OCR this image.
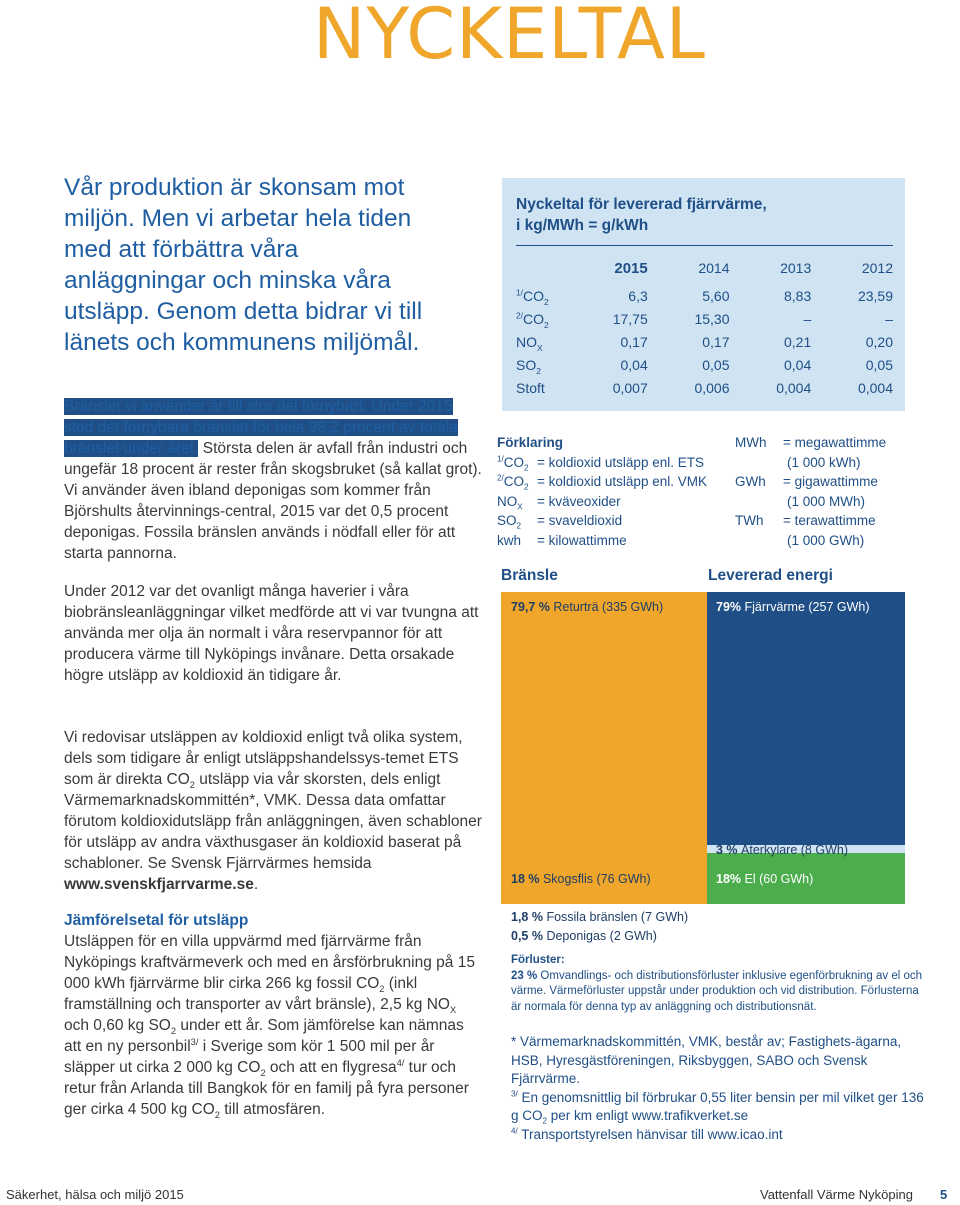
NYCKELTAL
Vår produktion är skonsam mot miljön. Men vi arbetar hela tiden med att förbättra våra anläggningar och minska våra utsläpp. Genom detta bidrar vi till länets och kommunens miljömål.
Bränslet vi använder är till stor del förnybart. Under 2015 stod det förnybara bränslet för hela 98,2 procent av totala bränslet under året. Största delen är avfall från industri och ungefär 18 procent är rester från skogsbruket (så kallat grot). Vi använder även ibland deponigas som kommer från Björshults återvinnings-central, 2015 var det 0,5 procent deponigas. Fossila bränslen används i nödfall eller för att starta pannorna.
Under 2012 var det ovanligt många haverier i våra biobränsleanläggningar vilket medförde att vi var tvungna att använda mer olja än normalt i våra reservpannor för att producera värme till Nyköpings invånare. Detta orsakade högre utsläpp av koldioxid än tidigare år.
Vi redovisar utsläppen av koldioxid enligt två olika system, dels som tidigare år enligt utsläppshandelssys-temet ETS som är direkta $CO_2$ utsläpp via vår skorsten, dels enligt Värmemarknadskommittén*, VMK. Dessa data omfattar förutom koldioxidutsläpp från anläggningen, även schabloner för utsläpp av andra växthusgaser än koldioxid baserat på schabloner. Se Svensk Fjärrvärmes hemsida www.svenskfjarrvarme.se.
Jämförelsetal för utsläpp
Utsläppen för en villa uppvärmd med fjärrvärme från Nyköpings kraftvärmeverk och med en årsförbrukning på 15 000 kWh fjärrvärme blir cirka 266 kg fossil $CO_2$ (inkl framställning och transporter av vårt bränsle), 2,5 kg $NO_X$ och 0,60 kg $SO_2$ under ett år. Som jämförelse kan nämnas att en ny personbil$^{3/}$ i Sverige som kör 1 500 mil per år släpper ut cirka 2 000 kg $CO_2$ och att en flygresa$^{4/}$ tur och retur från Arlanda till Bangkok för en familj på fyra personer ger cirka 4 500 kg $CO_2$ till atmosfären.
Nyckeltal för levererad fjärrvärme,
i kg/MWh = g/kWh
	2015	2014	2013	2012
$^{1/}CO_2$	6,3	5,60	8,83	23,59
$^{2/}CO_2$	17,75	15,30	–	–
$NO_X$	0,17	0,17	0,21	0,20
$SO_2$	0,04	0,05	0,04	0,05
Stoft	0,007	0,006	0,004	0,004
Förklaring
$^{1/}CO_2$ = koldioxid utsläpp enl. ETS
$^{2/}CO_2$ = koldioxid utsläpp enl. VMK
$NO_X$ = kväveoxider
$SO_2$ = svaveldioxid
kwh = kilowattimme
MWh = megawattimme
(1 000 kWh)
GWh = gigawattimme
(1 000 MWh)
TWh = terawattimme
(1 000 GWh)
Bränsle	Levererad energi
79,7 % Returträ (335 GWh)	79% Fjärrvärme (257 GWh)
3 % Återkylare (8 GWh)
18 % Skogsflis (76 GWh)	18% El (60 GWh)
1,8 % Fossila bränslen (7 GWh)
0,5 % Deponigas (2 GWh)
Förluster:
23 % Omvandlings- och distributionsförluster inklusive egenförbrukning av el och värme. Värmeförluster uppstår under produktion och vid distribution. Förlusterna är normala för denna typ av anläggning och distributionsnät.
* Värmemarknadskommittén, VMK, består av; Fastighets-ägarna, HSB, Hyresgästföreningen, Riksbyggen, SABO och Svensk Fjärrvärme.
$^{3/}$ En genomsnittlig bil förbrukar 0,55 liter bensin per mil vilket ger 136 g $CO_2$ per km enligt www.trafikverket.se
$^{4/}$ Transportstyrelsen hänvisar till www.icao.int
Säkerhet, hälsa och miljö 2015	Vattenfall Värme Nyköping 5
